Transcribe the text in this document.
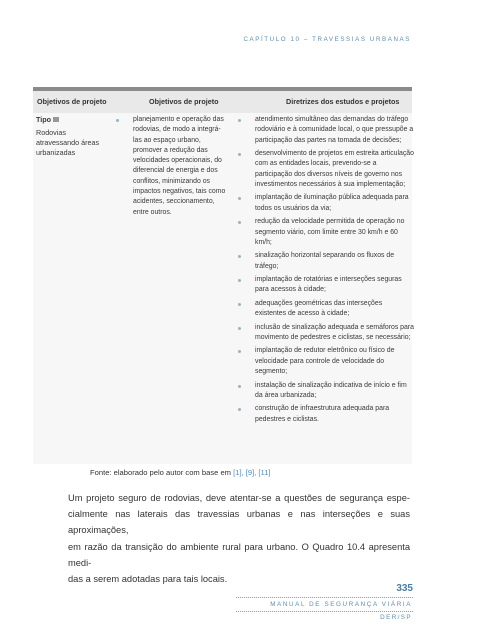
CAPÍTULO 10 – TRAVESSIAS URBANAS
Objetivos de projeto	Objetivos de projeto	Diretrizes dos estudos e projetos
Tipo III
Rodovias atravessando áreas urbanizadas
planejamento e operação das rodovias, de modo a integrá-las ao espaço urbano, promover a redução das velocidades operacionais, do diferencial de energia e dos conflitos, minimizando os impactos negativos, tais como acidentes, seccionamento, entre outros.
atendimento simultâneo das demandas do tráfego rodoviário e à comunidade local, o que pressupõe a participação das partes na tomada de decisões;
desenvolvimento de projetos em estreita articulação com as entidades locais, prevendo-se a participação dos diversos níveis de governo nos investimentos necessários à sua implementação;
implantação de iluminação pública adequada para todos os usuários da via;
redução da velocidade permitida de operação no segmento viário, com limite entre 30 km/h e 60 km/h;
sinalização horizontal separando os fluxos de tráfego;
implantação de rotatórias e interseções seguras para acessos à cidade;
adequações geométricas das interseções existentes de acesso à cidade;
inclusão de sinalização adequada e semáforos para movimento de pedestres e ciclistas, se necessário;
implantação de redutor eletrônico ou físico de velocidade para controle de velocidade do segmento;
instalação de sinalização indicativa de início e fim da área urbanizada;
construção de infraestrutura adequada para pedestres e ciclistas.
Fonte: elaborado pelo autor com base em [1], [9], [11]
Um projeto seguro de rodovias, deve atentar-se a questões de segurança espe-
cialmente nas laterais das travessias urbanas e nas interseções e suas aproximações,
em razão da transição do ambiente rural para urbano. O Quadro 10.4 apresenta medi-
das a serem adotadas para tais locais.
335
MANUAL DE SEGURANÇA VIÁRIA
DER/SP
